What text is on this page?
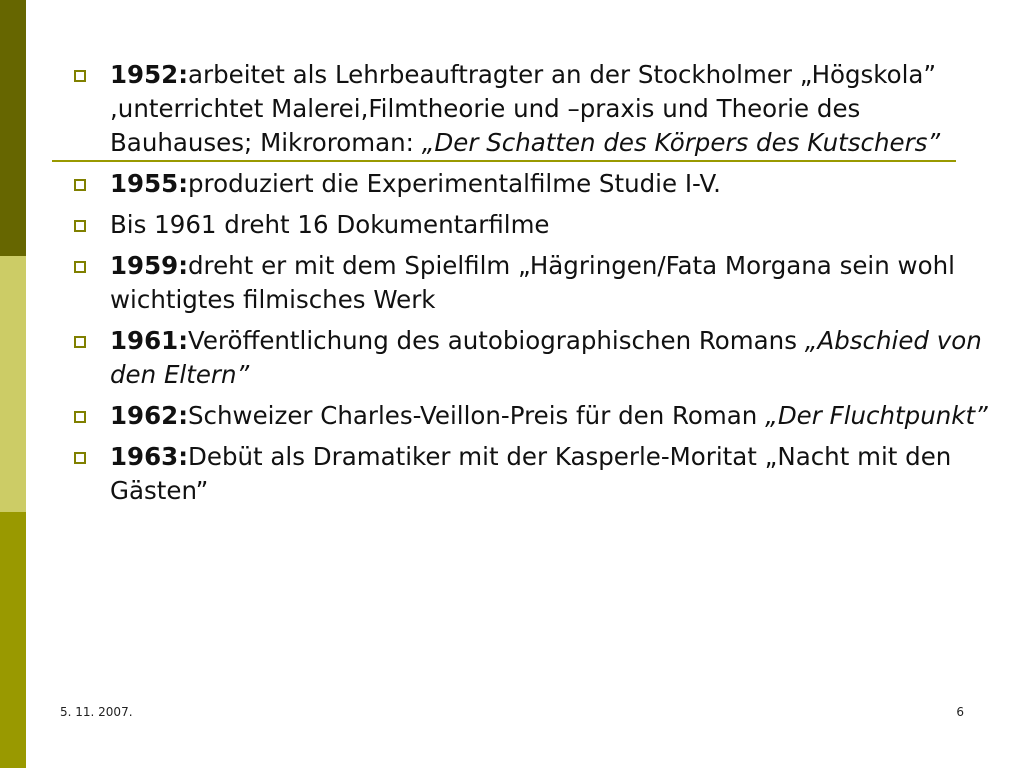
1952:arbeitet als Lehrbeauftragter an der Stockholmer „Högskola” ,unterrichtet Malerei,Filmtheorie und –praxis und Theorie des Bauhauses; Mikroroman: „Der Schatten des Körpers des Kutschers”
1955:produziert die Experimentalfilme Studie I-V.
Bis 1961 dreht 16 Dokumentarfilme
1959:dreht er mit dem Spielfilm „Hägringen/Fata Morgana sein wohl wichtigtes filmisches Werk
1961:Veröffentlichung des autobiographischen Romans „Abschied von den Eltern”
1962:Schweizer Charles-Veillon-Preis für den Roman „Der Fluchtpunkt”
1963:Debüt als Dramatiker mit der Kasperle-Moritat „Nacht mit den Gästen”
5. 11. 2007.	6
